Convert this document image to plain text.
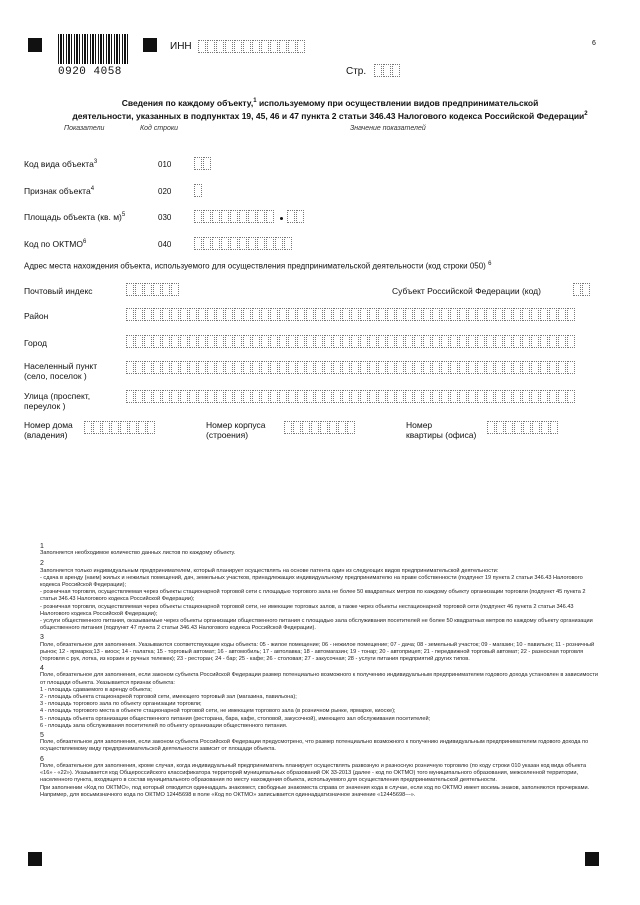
0920 4058
ИНН	6
Стр.
Сведения по каждому объекту,$^1$ используемому при осуществлении видов предпринимательской
деятельности, указанных в подпунктах 19, 45, 46 и 47 пункта 2 статьи 346.43 Налогового кодекса Российской Федерации$^2$
Показатели	Код строки	Значение показателей
Код вида объекта$^3$	010
Признак объекта$^4$	020
Площадь объекта (кв. м)$^5$	030
Код по ОКТМО$^6$	040
Адрес места нахождения объекта, используемого для осуществления предпринимательской деятельности (код строки 050) $^6$
Почтовый индекс	Субъект Российской Федерации (код)
Район
Город
Населенный пункт
(село, поселок )
Улица (проспект,
переулок )
Номер дома
(владения)
Номер корпуса
(строения)
Номер
квартиры (офиса)

1
Заполняется необходимое количество данных листов по каждому объекту.

2
Заполняется только индивидуальным предпринимателем, который планирует осуществлять на основе патента один из следующих видов предпринимательской деятельности:
- сдача в аренду (наем) жилых и нежилых помещений, дач, земельных участков, принадлежащих индивидуальному предпринимателю на праве собственности (подпункт 19 пункта 2 статьи 346.43 Налогового кодекса Российской Федерации);
- розничная торговля, осуществляемая через объекты стационарной торговой сети с площадью торгового зала не более 50 квадратных метров по каждому объекту организации торговли (подпункт 45 пункта 2 статьи 346.43 Налогового кодекса Российской Федерации);
- розничная торговля, осуществляемая через объекты стационарной торговой сети, не имеющие торговых залов, а также через объекты нестационарной торговой сети (подпункт 46 пункта 2 статьи 346.43 Налогового кодекса Российской Федерации);
- услуги общественного питания, оказываемые через объекты организации общественного питания с площадью зала обслуживания посетителей не более 50 квадратных метров по каждому объекту организации общественного питания (подпункт 47 пункта 2 статьи 346.43 Налогового кодекса Российской Федерации).

3
Поле, обязательное для заполнения. Указываются соответствующие коды объекта: 05 - жилое помещение; 06 - нежилое помещение; 07 - дача; 08 - земельный участок; 09 - магазин; 10 - павильон; 11 - розничный рынок; 12 - ярмарка;13 - киоск; 14 - палатка; 15 - торговый автомат; 16 - автомобиль; 17 - автолавка; 18 - автомагазин; 19 - тонар; 20 - автоприцеп; 21 - передвижной торговый автомат; 22 - разносная торговля (торговля с рук, лотка, из корзин и ручных тележек); 23 - ресторан; 24 - бар; 25 - кафе; 26 - столовая; 27 - закусочная; 28 - услуги питания предприятий других типов.

4
Поле, обязательное для заполнения, если законом субъекта Российской Федерации размер потенциально возможного к получению индивидуальным предпринимателем годового дохода установлен в зависимости от площади объекта. Указывается признак объекта:
1 - площадь сдаваемого в аренду объекта;
2 - площадь объекта стационарной торговой сети, имеющего торговый зал (магазина, павильона);
3 - площадь торгового зала по объекту организации торговли;
4 - площадь торгового места в объекте стационарной торговой сети, не имеющем торгового зала (в розничном рынке, ярмарке, киоске);
5 - площадь объекта организации общественного питания (ресторана, бара, кафе, столовой, закусочной), имеющего зал обслуживания посетителей;
6 - площадь зала обслуживания посетителей по объекту организации общественного питания.

5
Поле, обязательное для заполнения, если законом субъекта Российской Федерации предусмотрено, что размер потенциально возможного к получению индивидуальным предпринимателем годового дохода по осуществляемому виду предпринимательской деятельности зависит от площади объекта.

6
Поле, обязательное для заполнения, кроме случая, когда индивидуальный предприниматель планирует осуществлять развозную и разносную розничную торговлю (по коду строки 010 указан код вида объекта «16» - «22»). Указывается код Общероссийского классификатора территорий муниципальных образований ОК 33-2013 (далее - код по ОКТМО) того муниципального образования, межселенной территории, населенного пункта, входящего в состав муниципального образования по месту нахождения объекта, используемого для осуществления предпринимательской деятельности.
При заполнении «Код по ОКТМО», под который отводится одиннадцать знакомест, свободные знакоместа справа от значения кода в случае, если код по ОКТМО имеет восемь знаков, заполняются прочерками. Например, для восьмизначного кода по ОКТМО 12445698 в поле «Код по ОКТМО» записывается одиннадцатизначное значение «12445698---».
